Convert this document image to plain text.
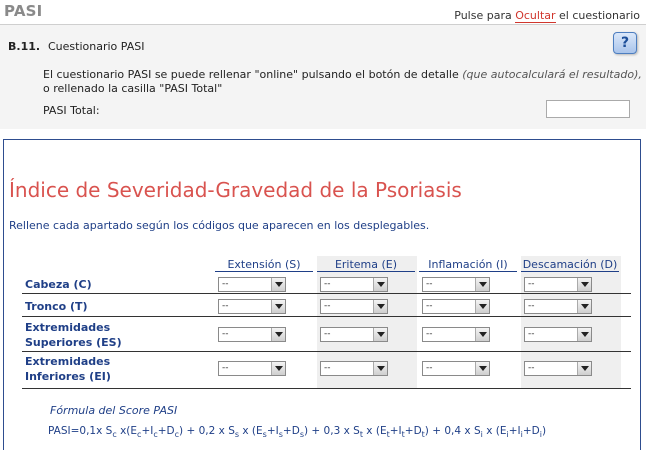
PASI	Pulse para Ocultar el cuestionario
B.11. Cuestionario PASI	?
El cuestionario PASI se puede rellenar "online" pulsando el botón de detalle (que autocalculará el resultado),
o rellenado la casilla "PASI Total"
PASI Total:
Índice de Severidad-Gravedad de la Psoriasis
Rellene cada apartado según los códigos que aparecen en los desplegables.
Extensión (S)	Eritema (E)	Inflamación (I)	Descamación (D)
Cabeza (C)	--	--	--	--
Tronco (T)	--	--	--	--
Extremidades
Superiores (ES)
--	--	--	--
Extremidades
Inferiores (EI)
--	--	--	--
Fórmula del Score PASI
PASI=0,1x $S_c$ $x(E_c+I_c+D_c) + 0,2$ x $S_s$ x $(E_s+I_s+D_s) + 0,3$ x $S_t$ x $(E_t+I_t+D_t) + 0,4$ x $S_i$ x $(E_i+I_i+D_i)$
